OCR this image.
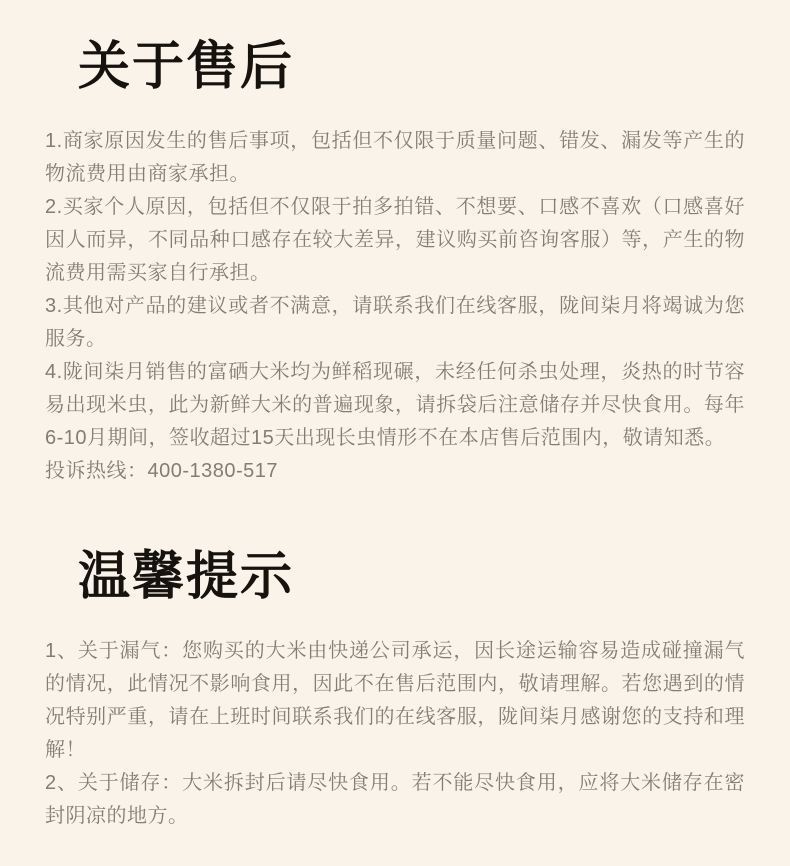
关于售后

1.商家原因发生的售后事项，包括但不仅限于质量问题、错发、漏发等产生的物流费用由商家承担。

2.买家个人原因，包括但不仅限于拍多拍错、不想要、口感不喜欢（口感喜好因人而异，不同品种口感存在较大差异，建议购买前咨询客服）等，产生的物流费用需买家自行承担。

3.其他对产品的建议或者不满意，请联系我们在线客服，陇间柒月将竭诚为您服务。

4.陇间柒月销售的富硒大米均为鲜稻现碾，未经任何杀虫处理，炎热的时节容易出现米虫，此为新鲜大米的普遍现象，请拆袋后注意储存并尽快食用。每年6-10月期间，签收超过15天出现长虫情形不在本店售后范围内，敬请知悉。

投诉热线：400-1380-517

温馨提示

1、关于漏气：您购买的大米由快递公司承运，因长途运输容易造成碰撞漏气的情况，此情况不影响食用，因此不在售后范围内，敬请理解。若您遇到的情况特别严重，请在上班时间联系我们的在线客服，陇间柒月感谢您的支持和理解！

2、关于储存：大米拆封后请尽快食用。若不能尽快食用，应将大米储存在密封阴凉的地方。
